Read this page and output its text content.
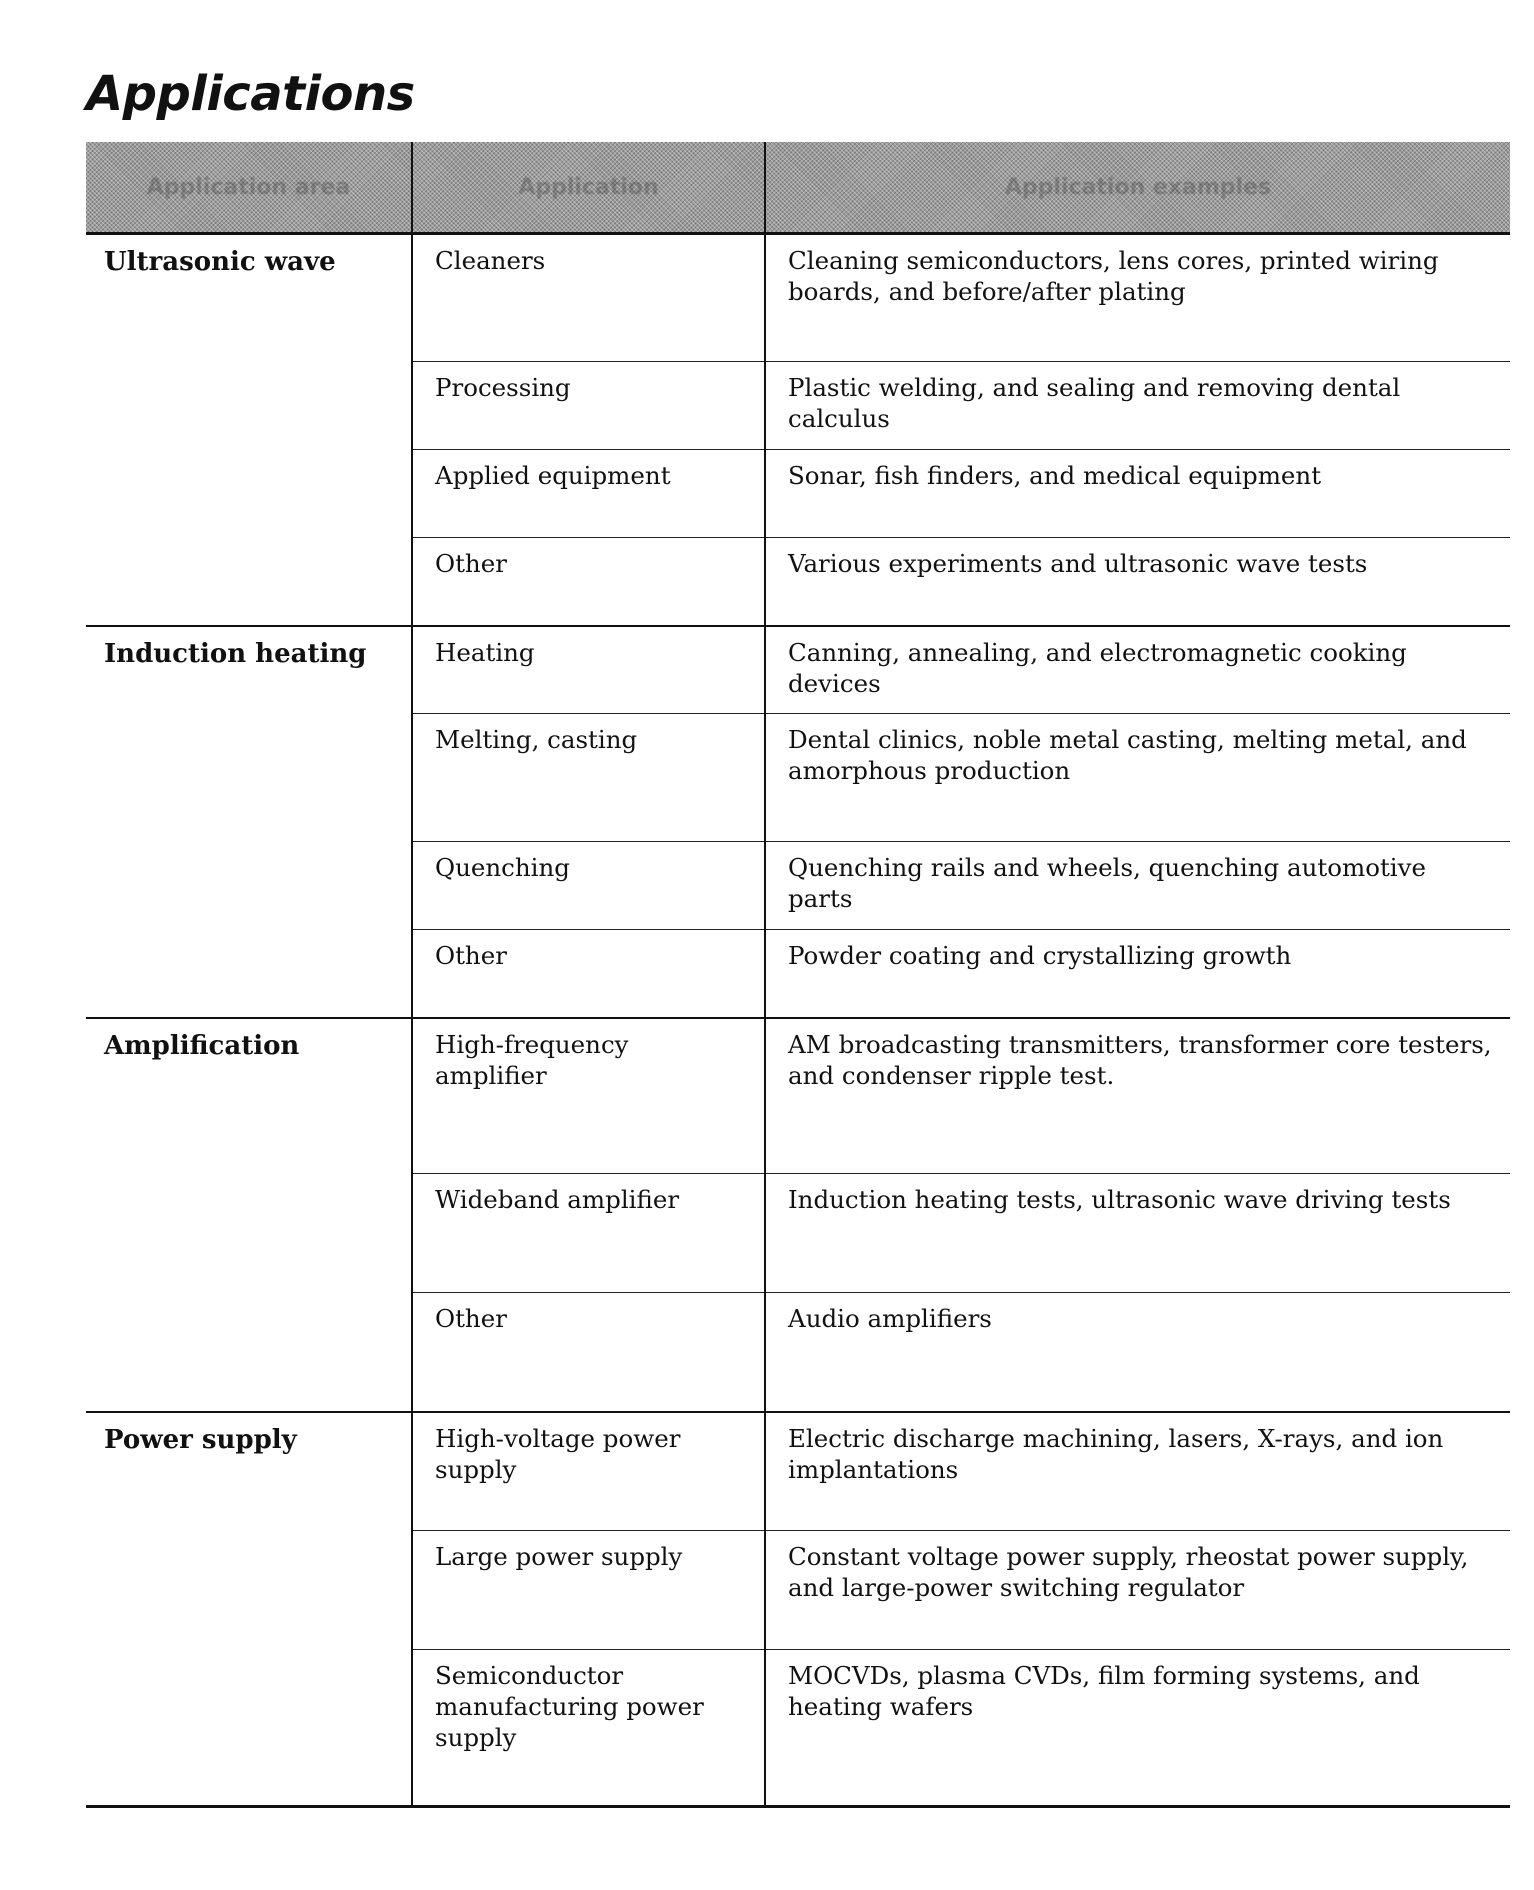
Applications
Application area	Application	Application examples
Ultrasonic wave	Cleaners	Cleaning semiconductors, lens cores, printed wiring boards, and before/after plating
	Processing	Plastic welding, and sealing and removing dental calculus
	Applied equipment	Sonar, fish finders, and medical equipment
	Other	Various experiments and ultrasonic wave tests
Induction heating	Heating	Canning, annealing, and electromagnetic cooking devices
	Melting, casting	Dental clinics, noble metal casting, melting metal, and amorphous production
	Quenching	Quenching rails and wheels, quenching automotive parts
	Other	Powder coating and crystallizing growth
Amplification	High-frequency amplifier	AM broadcasting transmitters, transformer core testers, and condenser ripple test.
	Wideband amplifier	Induction heating tests, ultrasonic wave driving tests
	Other	Audio amplifiers
Power supply	High-voltage power supply	Electric discharge machining, lasers, X-rays, and ion implantations
	Large power supply	Constant voltage power supply, rheostat power supply, and large-power switching regulator
	Semiconductor manufacturing power supply	MOCVDs, plasma CVDs, film forming systems, and heating wafers
